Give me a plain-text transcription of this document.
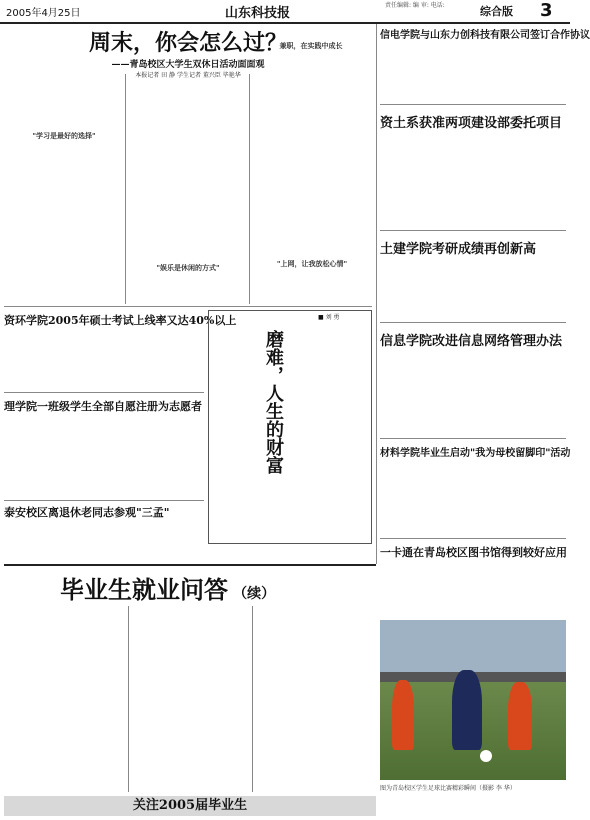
2005年4月25日	山东科技报
责任编辑: 编 审: 电话:	综合版 3
周末，你会怎么过？
——青岛校区大学生双休日活动面面观
本报记者 田 静 学生记者 董兴臣 毕艳华
"学习是最好的选择"
"娱乐是休闲的方式"	"上网，让我放松心情"
兼职，在实践中成长
资环学院2005年硕士考试上线率又达40%以上
理学院一班级学生全部自愿注册为志愿者
泰安校区离退休老同志参观"三孟"
磨难，人生的财富
■ 刘 勇
信电学院与山东力创科技有限公司签订合作协议
资土系获准两项建设部委托项目
土建学院考研成绩再创新高
信息学院改进信息网络管理办法
材料学院毕业生启动"我为母校留脚印"活动
一卡通在青岛校区图书馆得到较好应用
毕业生就业问答 （续）
关注2005届毕业生
图为青岛校区学生足球比赛精彩瞬间（摄影 李 华）
